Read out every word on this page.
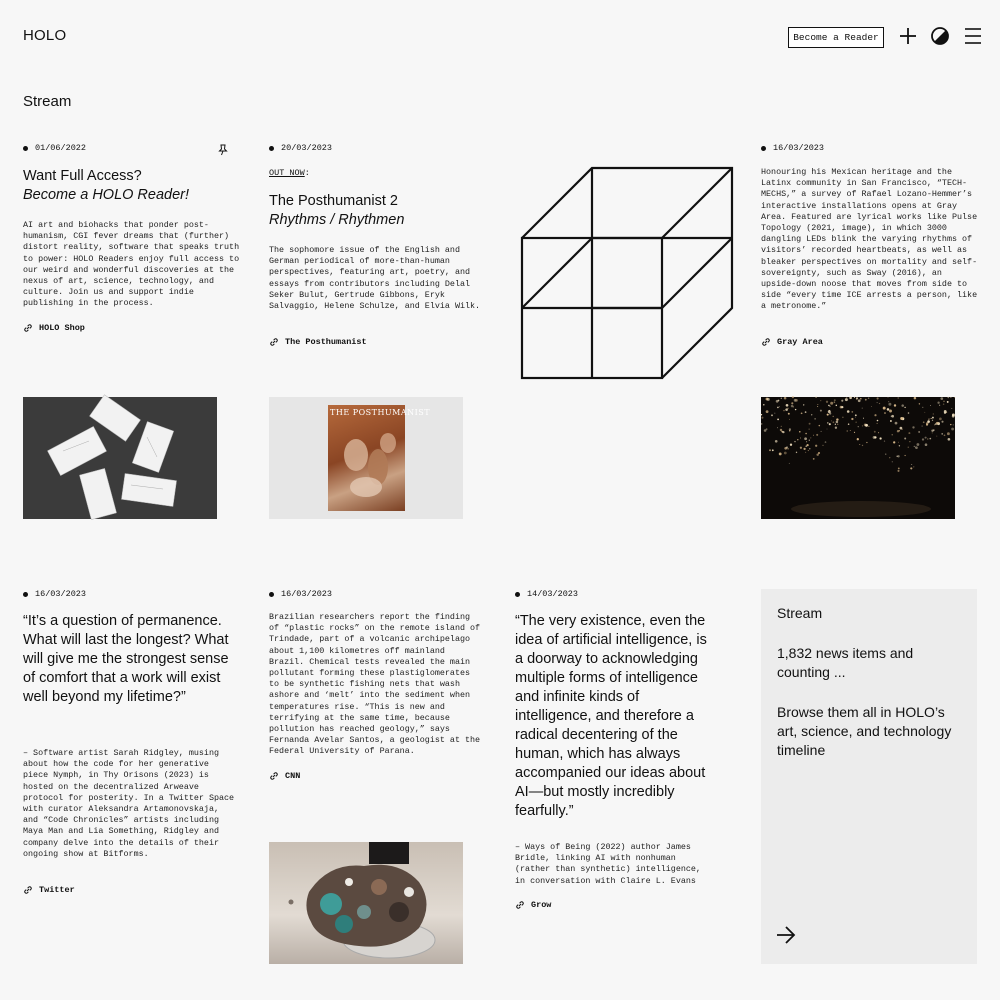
HOLO	Become a Reader
Stream
01/06/2022
Want Full Access?
Become a HOLO Reader!
AI art and biohacks that ponder post-humanism, CGI fever dreams that (further) distort reality, software that speaks truth to power: HOLO Readers enjoy full access to our weird and wonderful discoveries at the nexus of art, science, technology, and culture. Join us and support indie publishing in the process.
HOLO Shop
20/03/2023
OUT NOW:
The Posthumanist 2
Rhythms / Rhythmen
The sophomore issue of the English and German periodical of more-than-human perspectives, featuring art, poetry, and essays from contributors including Delal Seker Bulut, Gertrude Gibbons, Eryk Salvaggio, Helene Schulze, and Elvia Wilk.
The Posthumanist
THE POSTHUMANIST
16/03/2023
Honouring his Mexican heritage and the Latinx community in San Francisco, “TECH-MECHS,” a survey of Rafael Lozano-Hemmer’s interactive installations opens at Gray Area. Featured are lyrical works like Pulse Topology (2021, image), in which 3000 dangling LEDs blink the varying rhythms of visitors’ recorded heartbeats, as well as bleaker perspectives on mortality and self-sovereignty, such as Sway (2016), an upside-down noose that moves from side to side “every time ICE arrests a person, like a metronome.”
Gray Area
16/03/2023
“It’s a question of permanence. What will last the longest? What will give me the strongest sense of comfort that a work will exist well beyond my lifetime?”
– Software artist Sarah Ridgley, musing about how the code for her generative piece Nymph, in Thy Orisons (2023) is hosted on the decentralized Arweave protocol for posterity. In a Twitter Space with curator Aleksandra Artamonovskaja, and “Code Chronicles” artists including Maya Man and Lia Something, Ridgley and company delve into the details of their ongoing show at Bitforms.
Twitter
16/03/2023
Brazilian researchers report the finding of “plastic rocks” on the remote island of Trindade, part of a volcanic archipelago about 1,100 kilometres off mainland Brazil. Chemical tests revealed the main pollutant forming these plastiglomerates to be synthetic fishing nets that wash ashore and ‘melt’ into the sediment when temperatures rise. “This is new and terrifying at the same time, because pollution has reached geology,” says Fernanda Avelar Santos, a geologist at the Federal University of Parana.
CNN
14/03/2023
“The very existence, even the idea of artificial intelligence, is a doorway to acknowledging multiple forms of intelligence and infinite kinds of intelligence, and therefore a radical decentering of the human, which has always accompanied our ideas about AI—but mostly incredibly fearfully.”
– Ways of Being (2022) author James Bridle, linking AI with nonhuman (rather than synthetic) intelligence, in conversation with Claire L. Evans
Grow
Stream
1,832 news items and counting ...
Browse them all in HOLO’s art, science, and technology timeline
